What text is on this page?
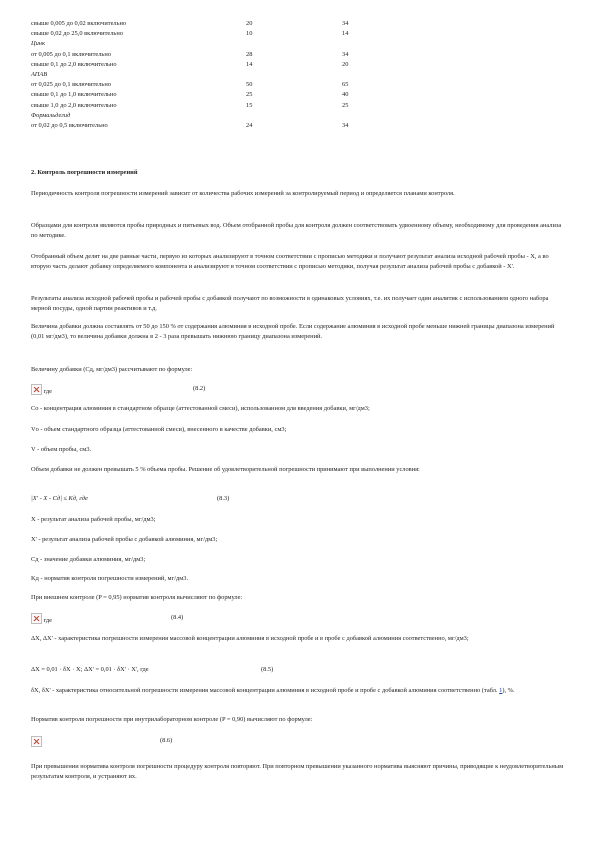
свыше 0,005 до 0,02 включительно	20	34
свыше 0,02 до 25,0 включительно	10	14
Цинк
от 0,005 до 0,1 включительно	28	34
свыше 0,1 до 2,0 включительно	14	20
АПАВ
от 0,025 до 0,1 включительно	50	65
свыше 0,1 до 1,0 включительно	25	40
свыше 1,0 до 2,0 включительно	15	25
Формальдегид
от 0,02 до 0,5 включительно	24	34
2. Контроль погрешности измерений
Периодичность контроля погрешности измерений зависит от количества рабочих измерений за контролируемый период и определяется планами контроля.
Образцами для контроля являются пробы природных и питьевых вод. Объем отобранной пробы для контроля должен соответствовать удвоенному объему, необходимому для проведения анализа по методике.
Отобранный объем делят на две равные части, первую из которых анализируют в точном соответствии с прописью методики и получают результат анализа исходной рабочей пробы - X, а во вторую часть делают добавку определяемого компонента и анализируют в точном соответствии с прописью методики, получая результат анализа рабочей пробы с добавкой - X'.
Результаты анализа исходной рабочей пробы и рабочей пробы с добавкой получают по возможности в одинаковых условиях, т.е. их получает один аналитик с использованием одного набора мерной посуды, одной партии реактивов и т.д.
Величина добавки должна составлять от 50 до 150 % от содержания алюминия в исходной пробе. Если содержание алюминия в исходной пробе меньше нижней границы диапазона измерений (0,01 мг/дм3), то величина добавки должна в 2 - 3 раза превышать нижнюю границу диапазона измерений.
Величину добавки (Сд, мг/дм3) рассчитывают по формуле:
где	(8.2)
Со - концентрация алюминия в стандартном образце (аттестованной смеси), использованном для введения добавки, мг/дм3;
Vо - объем стандартного образца (аттестованной смеси), внесенного в качестве добавки, см3;
V - объем пробы, см3.
Объем добавки не должен превышать 5 % объема пробы. Решение об удовлетворительной погрешности принимают при выполнении условия:
|X' - X - Cд| ≤ Kд, где	(8.3)
X - результат анализа рабочей пробы, мг/дм3;
X' - результат анализа рабочей пробы с добавкой алюминия, мг/дм3;
Сд - значение добавки алюминия, мг/дм3;
Kд - норматив контроля погрешности измерений, мг/дм3.
При внешнем контроле (P = 0,95) норматив контроля вычисляют по формуле:
где	(8.4)
ΔX, ΔX' - характеристика погрешности измерения массовой концентрации алюминия в исходной пробе и в пробе с добавкой алюминия соответственно, мг/дм3;
ΔX = 0,01 · δX · X; ΔX' = 0,01 · δX' · X', где	(8.5)
δX, δX' - характеристика относительной погрешности измерения массовой концентрации алюминия в исходной пробе и пробе с добавкой алюминия соответственно (табл. 1), %.
Норматив контроля погрешности при внутрилабораторном контроле (P = 0,90) вычисляют по формуле:
(8.6)
При превышении норматива контроля погрешности процедуру контроля повторяют. При повторном превышении указанного норматива выясняют причины, приводящие к неудовлетворительным результатам контроля, и устраняют их.
